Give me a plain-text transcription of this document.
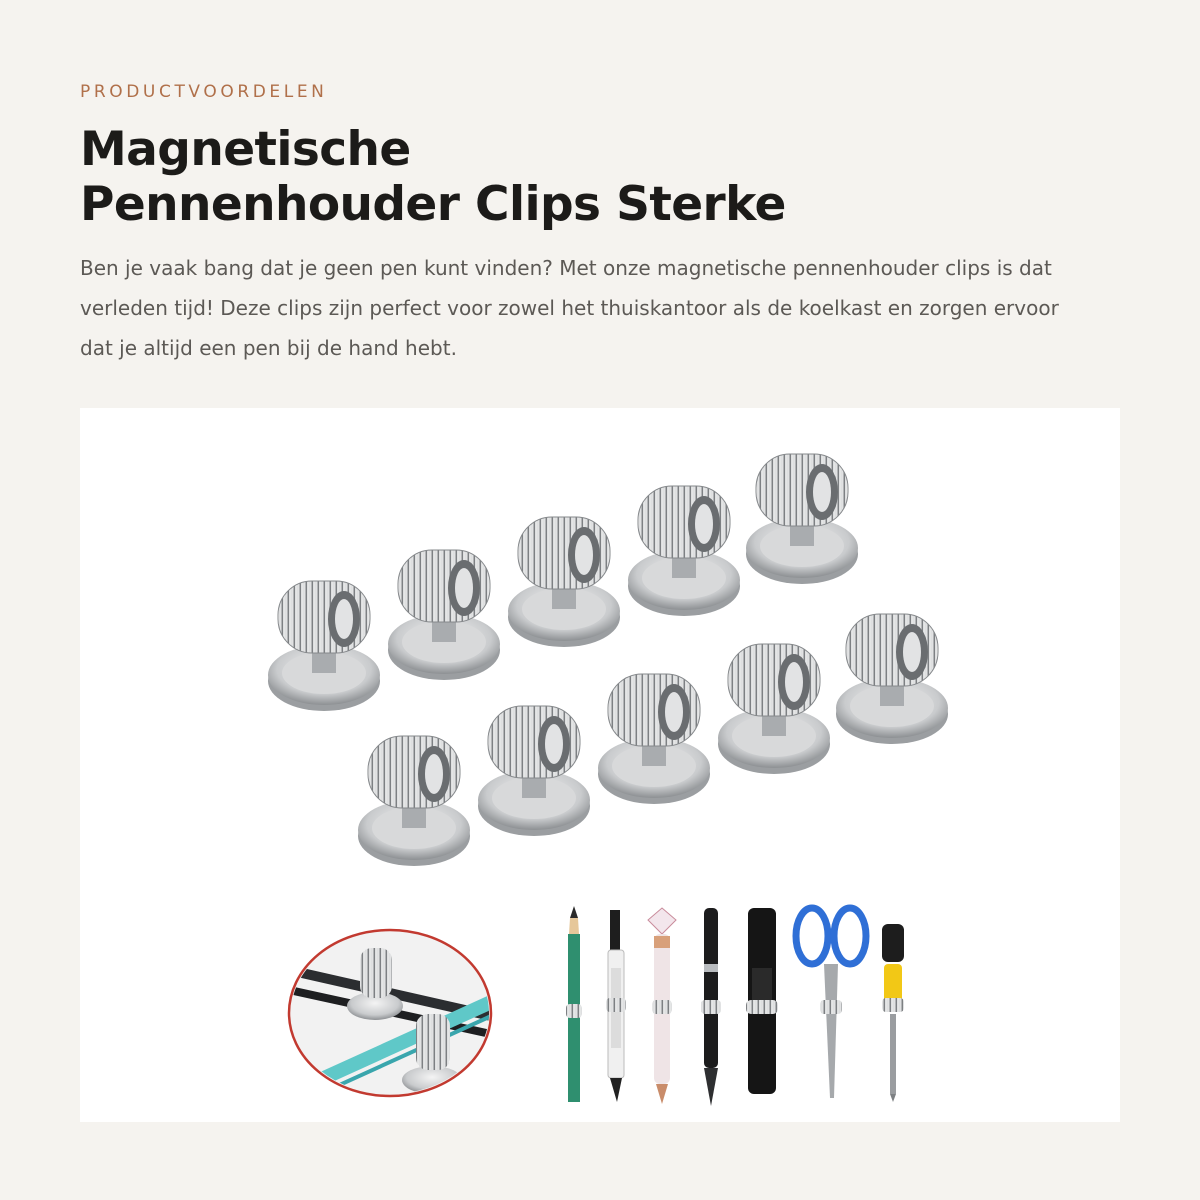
PRODUCTVOORDELEN

Magnetische
Pennenhouder Clips Sterke

Ben je vaak bang dat je geen pen kunt vinden? Met onze magnetische pennenhouder clips is dat verleden tijd! Deze clips zijn perfect voor zowel het thuiskantoor als de koelkast en zorgen ervoor dat je altijd een pen bij de hand hebt.
